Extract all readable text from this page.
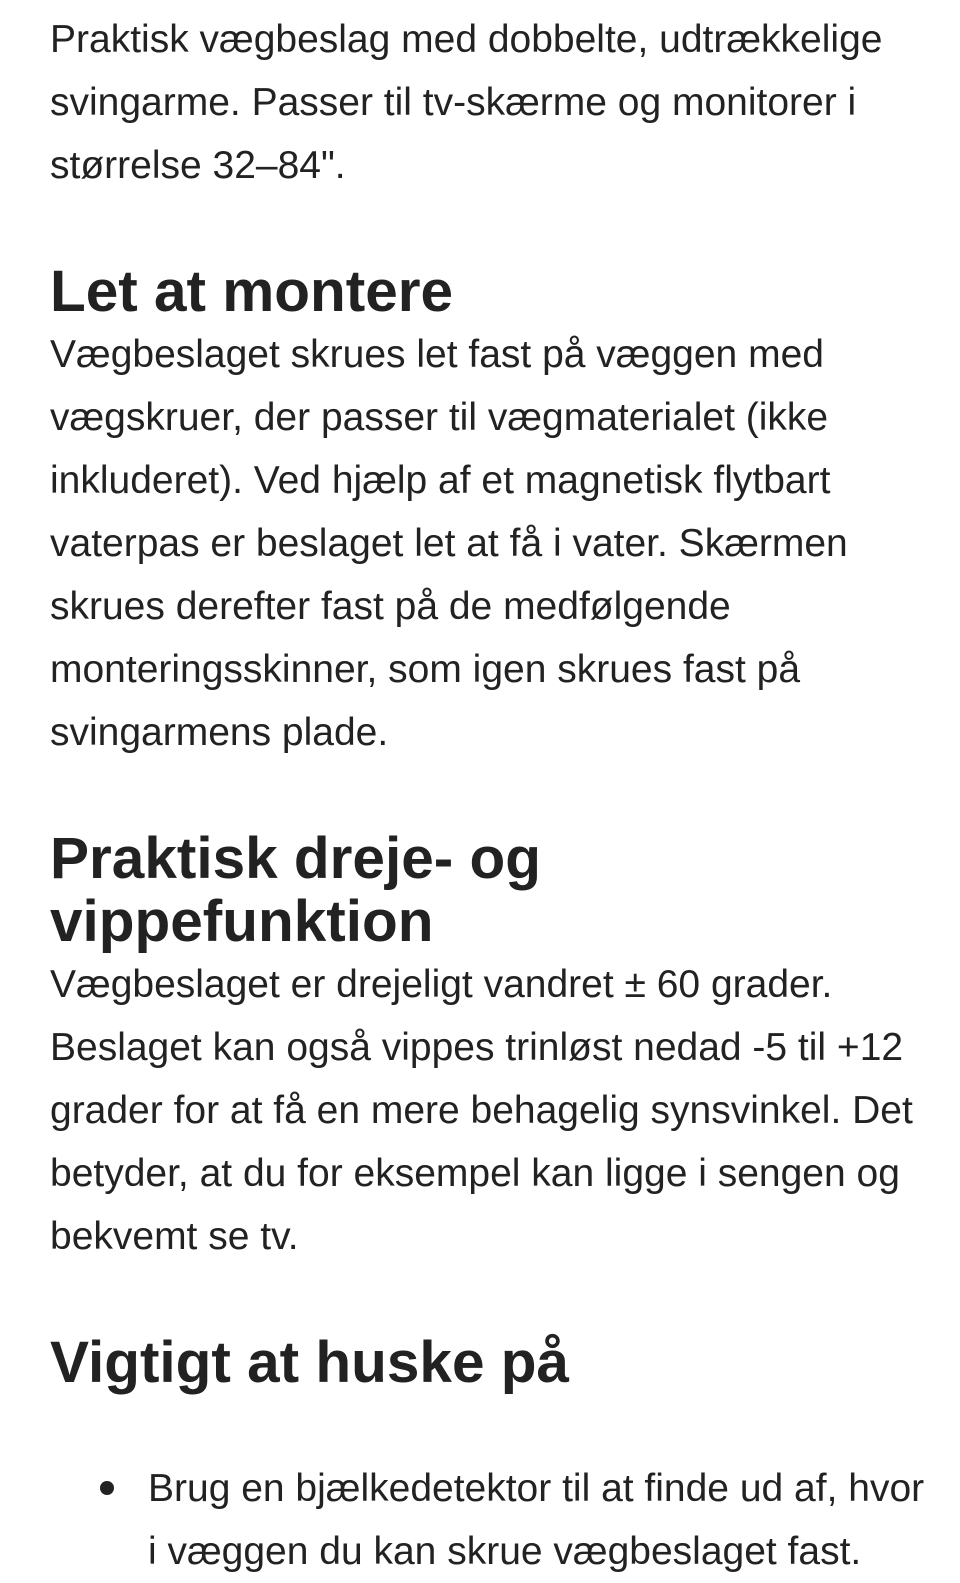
Praktisk vægbeslag med dobbelte, udtrækkelige svingarme. Passer til tv-skærme og monitorer i størrelse 32–84".

Let at montere

Vægbeslaget skrues let fast på væggen med vægskruer, der passer til vægmaterialet (ikke inkluderet). Ved hjælp af et magnetisk flytbart vaterpas er beslaget let at få i vater. Skærmen skrues derefter fast på de medfølgende monteringsskinner, som igen skrues fast på svingarmens plade.

Praktisk dreje- og vippefunktion

Vægbeslaget er drejeligt vandret ± 60 grader. Beslaget kan også vippes trinløst nedad -5 til +12 grader for at få en mere behagelig synsvinkel. Det betyder, at du for eksempel kan ligge i sengen og bekvemt se tv.

Vigtigt at huske på
Brug en bjælkedetektor til at finde ud af, hvor i væggen du kan skrue vægbeslaget fast.
